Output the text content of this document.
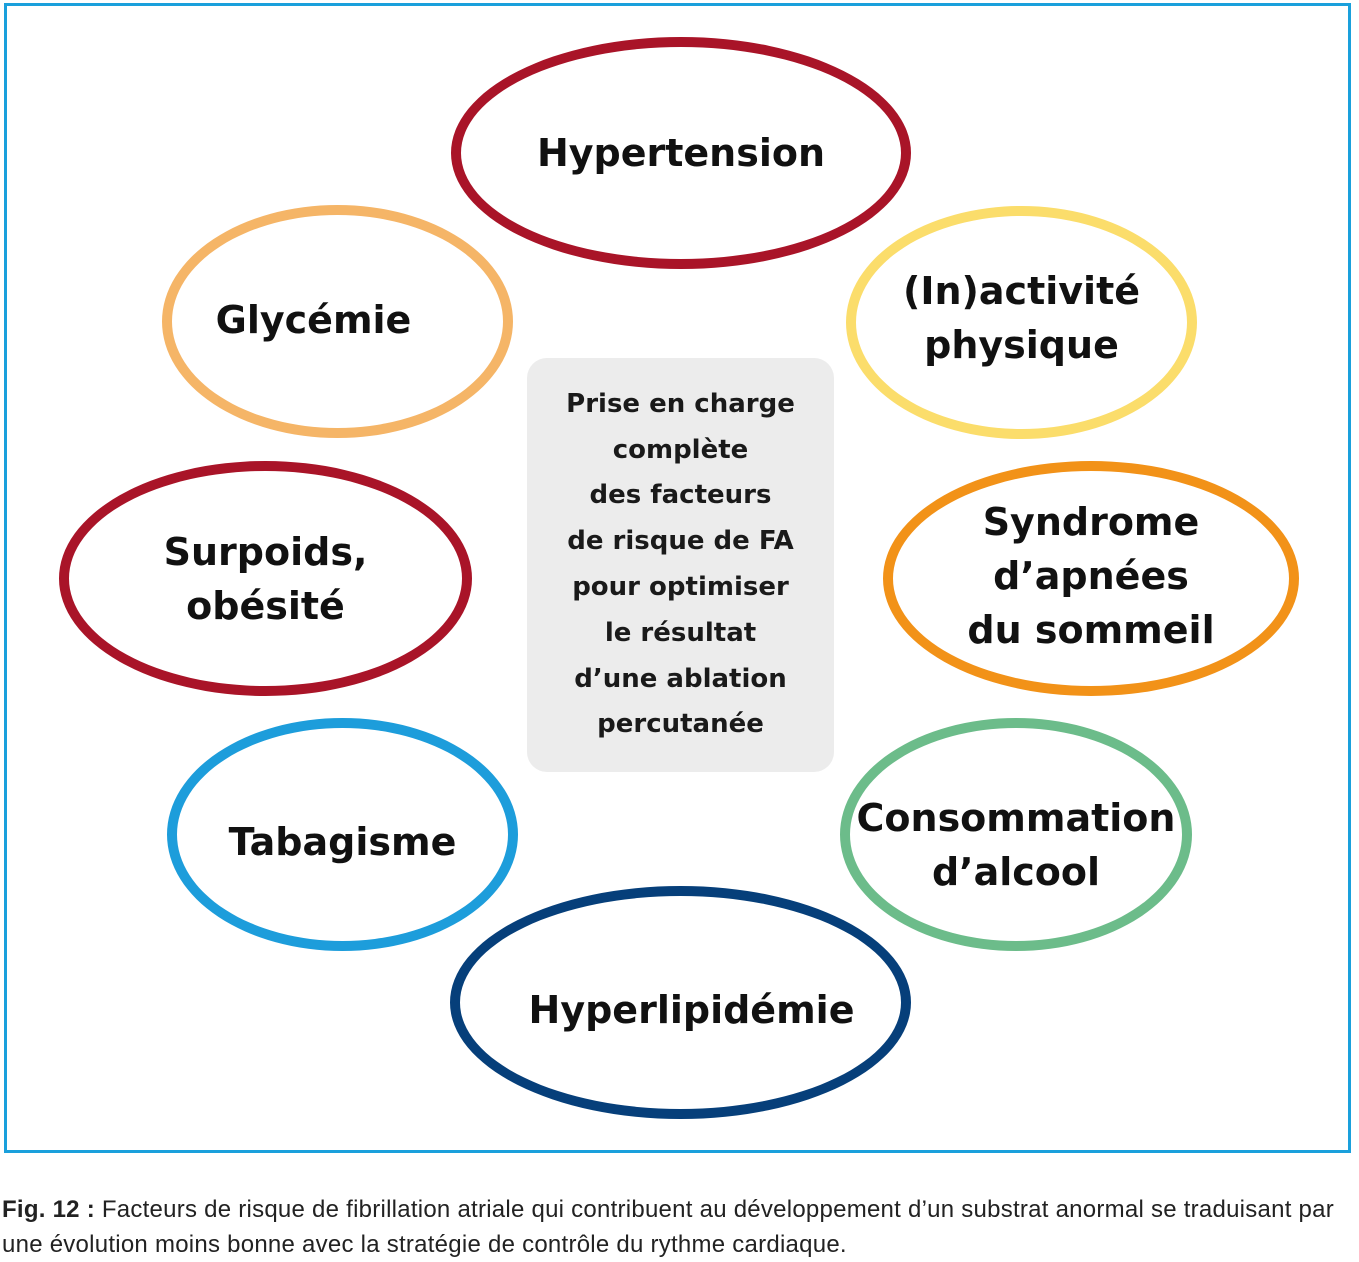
Hypertension
Glycémie
(In)activité
physique
Surpoids,
obésité
Syndrome
d’apnées
du sommeil
Tabagisme
Consommation
d’alcool
Hyperlipidémie
Prise en charge
complète
des facteurs
de risque de FA
pour optimiser
le résultat
d’une ablation
percutanée
Fig. 12 : Facteurs de risque de fibrillation atriale qui contribuent au développement d’un substrat anormal se traduisant par une évolution moins bonne avec la stratégie de contrôle du rythme cardiaque.
